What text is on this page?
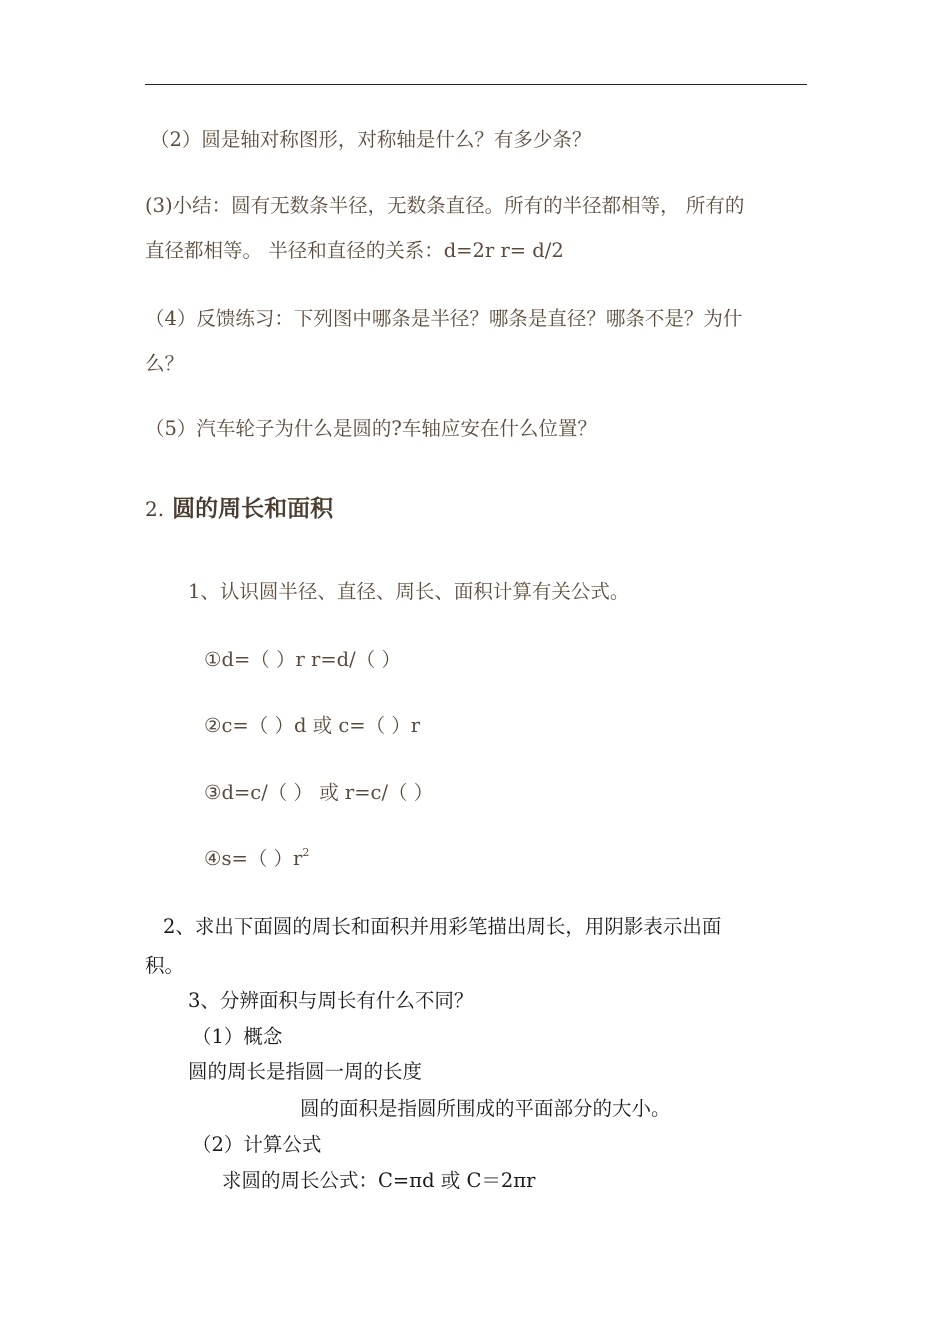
（2）圆是轴对称图形，对称轴是什么？有多少条？

(3)小结：圆有无数条半径，无数条直径。所有的半径都相等， 所有的

直径都相等。 半径和直径的关系：d=2r r= d/2

（4）反馈练习：下列图中哪条是半径？哪条是直径？哪条不是？为什

么？

（5）汽车轮子为什么是圆的?车轴应安在什么位置？

2. 圆的周长和面积

1、认识圆半径、直径、周长、面积计算有关公式。

①d=（ ）r r=d/（ ）

②c=（ ）d 或 c=（ ）r

③d=c/（ ） 或 r=c/（ ）

④s=（ ）$r^2$

2、求出下面圆的周长和面积并用彩笔描出周长，用阴影表示出面

积。

3、分辨面积与周长有什么不同？

（1）概念

圆的周长是指圆一周的长度

圆的面积是指圆所围成的平面部分的大小。

（2）计算公式

求圆的周长公式：C=πd 或 C＝2πr
